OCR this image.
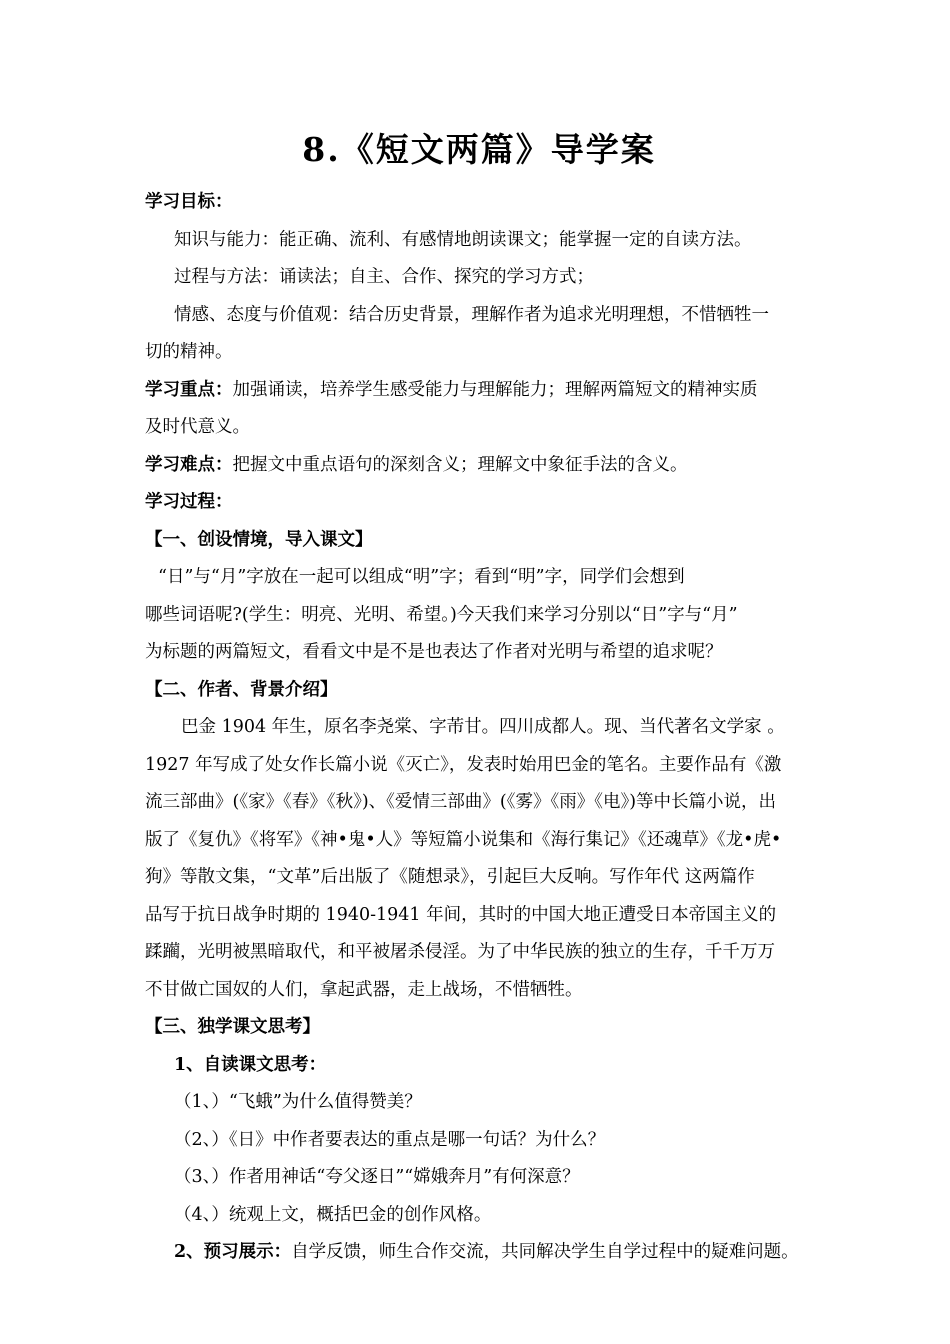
8.《短文两篇》导学案
学习目标：
知识与能力：能正确、流利、有感情地朗读课文；能掌握一定的自读方法。
过程与方法：诵读法；自主、合作、探究的学习方式；
情感、态度与价值观：结合历史背景，理解作者为追求光明理想，不惜牺牲一
切的精神。
学习重点：加强诵读，培养学生感受能力与理解能力；理解两篇短文的精神实质
及时代意义。
学习难点：把握文中重点语句的深刻含义；理解文中象征手法的含义。
学习过程：
【一、创设情境，导入课文】
“日”与“月”字放在一起可以组成“明”字；看到“明”字，同学们会想到
哪些词语呢?(学生：明亮、光明、希望。)今天我们来学习分别以“日”字与“月”
为标题的两篇短文，看看文中是不是也表达了作者对光明与希望的追求呢？
【二、作者、背景介绍】
巴金 1904 年生，原名李尧棠、字芾甘。四川成都人。现、当代著名文学家 。
1927 年写成了处女作长篇小说《灭亡》，发表时始用巴金的笔名。主要作品有《激
流三部曲》(《家》《春》《秋》)、《爱情三部曲》(《雾》《雨》《电》)等中长篇小说，出
版了《复仇》《将军》《神•鬼•人》等短篇小说集和《海行集记》《还魂草》《龙•虎•
狗》等散文集，“文革”后出版了《随想录》，引起巨大反响。写作年代 这两篇作
品写于抗日战争时期的 1940-1941 年间，其时的中国大地正遭受日本帝国主义的
蹂躏，光明被黑暗取代，和平被屠杀侵淫。为了中华民族的独立的生存，千千万万
不甘做亡国奴的人们，拿起武器，走上战场，不惜牺牲。
【三、独学课文思考】
1、自读课文思考：
（1、）“飞蛾”为什么值得赞美？
（2、）《日》中作者要表达的重点是哪一句话？为什么？
（3、）作者用神话“夸父逐日”“嫦娥奔月”有何深意？
（4、）统观上文，概括巴金的创作风格。
2、预习展示：自学反馈，师生合作交流，共同解决学生自学过程中的疑难问题。
